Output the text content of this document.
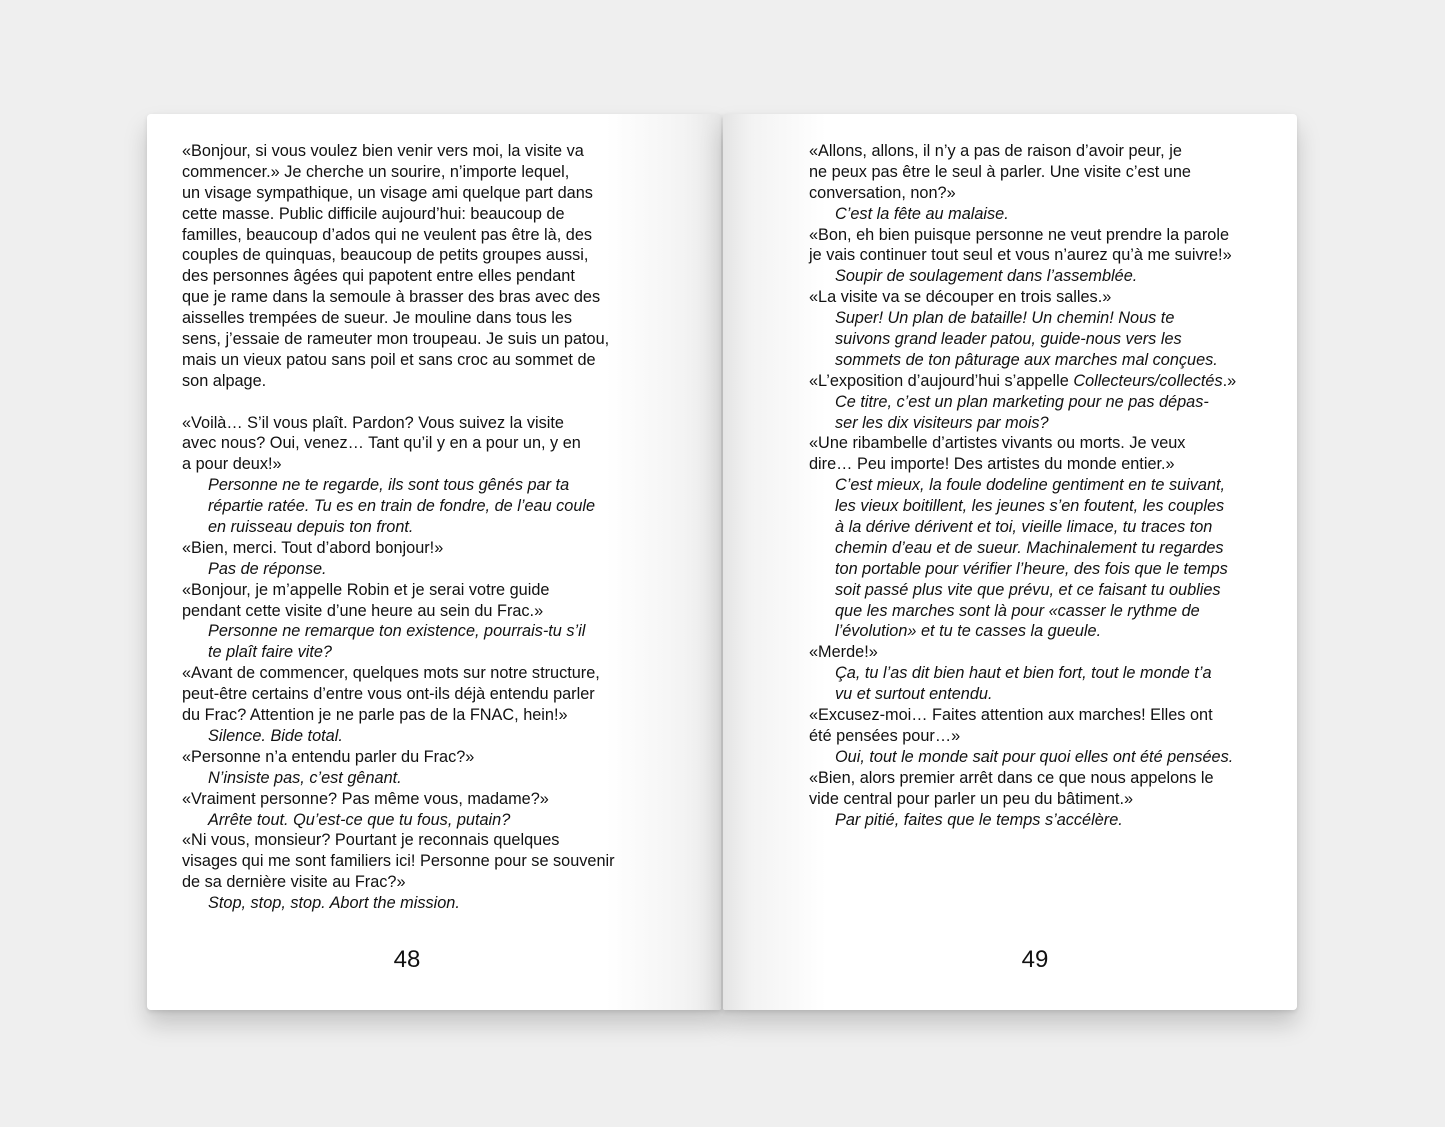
«Bonjour, si vous voulez bien venir vers moi, la visite va
commencer.» Je cherche un sourire, n’importe lequel,
un visage sympathique, un visage ami quelque part dans
cette masse. Public difficile aujourd’hui: beaucoup de
familles, beaucoup d’ados qui ne veulent pas être là, des
couples de quinquas, beaucoup de petits groupes aussi,
des personnes âgées qui papotent entre elles pendant
que je rame dans la semoule à brasser des bras avec des
aisselles trempées de sueur. Je mouline dans tous les
sens, j’essaie de rameuter mon troupeau. Je suis un patou,
mais un vieux patou sans poil et sans croc au sommet de
son alpage.
«Voilà… S’il vous plaît. Pardon? Vous suivez la visite
avec nous? Oui, venez… Tant qu’il y en a pour un, y en
a pour deux!»
Personne ne te regarde, ils sont tous gênés par ta
répartie ratée. Tu es en train de fondre, de l’eau coule
en ruisseau depuis ton front.
«Bien, merci. Tout d’abord bonjour!»
Pas de réponse.
«Bonjour, je m’appelle Robin et je serai votre guide
pendant cette visite d’une heure au sein du Frac.»
Personne ne remarque ton existence, pourrais-tu s’il
te plaît faire vite?
«Avant de commencer, quelques mots sur notre structure,
peut-être certains d’entre vous ont-ils déjà entendu parler
du Frac? Attention je ne parle pas de la FNAC, hein!»
Silence. Bide total.
«Personne n’a entendu parler du Frac?»
N’insiste pas, c’est gênant.
«Vraiment personne? Pas même vous, madame?»
Arrête tout. Qu’est-ce que tu fous, putain?
«Ni vous, monsieur? Pourtant je reconnais quelques
visages qui me sont familiers ici! Personne pour se souvenir
de sa dernière visite au Frac?»
Stop, stop, stop. Abort the mission.
48
«Allons, allons, il n’y a pas de raison d’avoir peur, je
ne peux pas être le seul à parler. Une visite c’est une
conversation, non?»
C’est la fête au malaise.
«Bon, eh bien puisque personne ne veut prendre la parole
je vais continuer tout seul et vous n’aurez qu’à me suivre!»
Soupir de soulagement dans l’assemblée.
«La visite va se découper en trois salles.»
Super! Un plan de bataille! Un chemin! Nous te
suivons grand leader patou, guide-nous vers les
sommets de ton pâturage aux marches mal conçues.
«L’exposition d’aujourd’hui s’appelle Collecteurs/collectés.»
Ce titre, c’est un plan marketing pour ne pas dépas-
ser les dix visiteurs par mois?
«Une ribambelle d’artistes vivants ou morts. Je veux
dire… Peu importe! Des artistes du monde entier.»
C’est mieux, la foule dodeline gentiment en te suivant,
les vieux boitillent, les jeunes s’en foutent, les couples
à la dérive dérivent et toi, vieille limace, tu traces ton
chemin d’eau et de sueur. Machinalement tu regardes
ton portable pour vérifier l’heure, des fois que le temps
soit passé plus vite que prévu, et ce faisant tu oublies
que les marches sont là pour «casser le rythme de
l’évolution» et tu te casses la gueule.
«Merde!»
Ça, tu l’as dit bien haut et bien fort, tout le monde t’a
vu et surtout entendu.
«Excusez-moi… Faites attention aux marches! Elles ont
été pensées pour…»
Oui, tout le monde sait pour quoi elles ont été pensées.
«Bien, alors premier arrêt dans ce que nous appelons le
vide central pour parler un peu du bâtiment.»
Par pitié, faites que le temps s’accélère.
49
